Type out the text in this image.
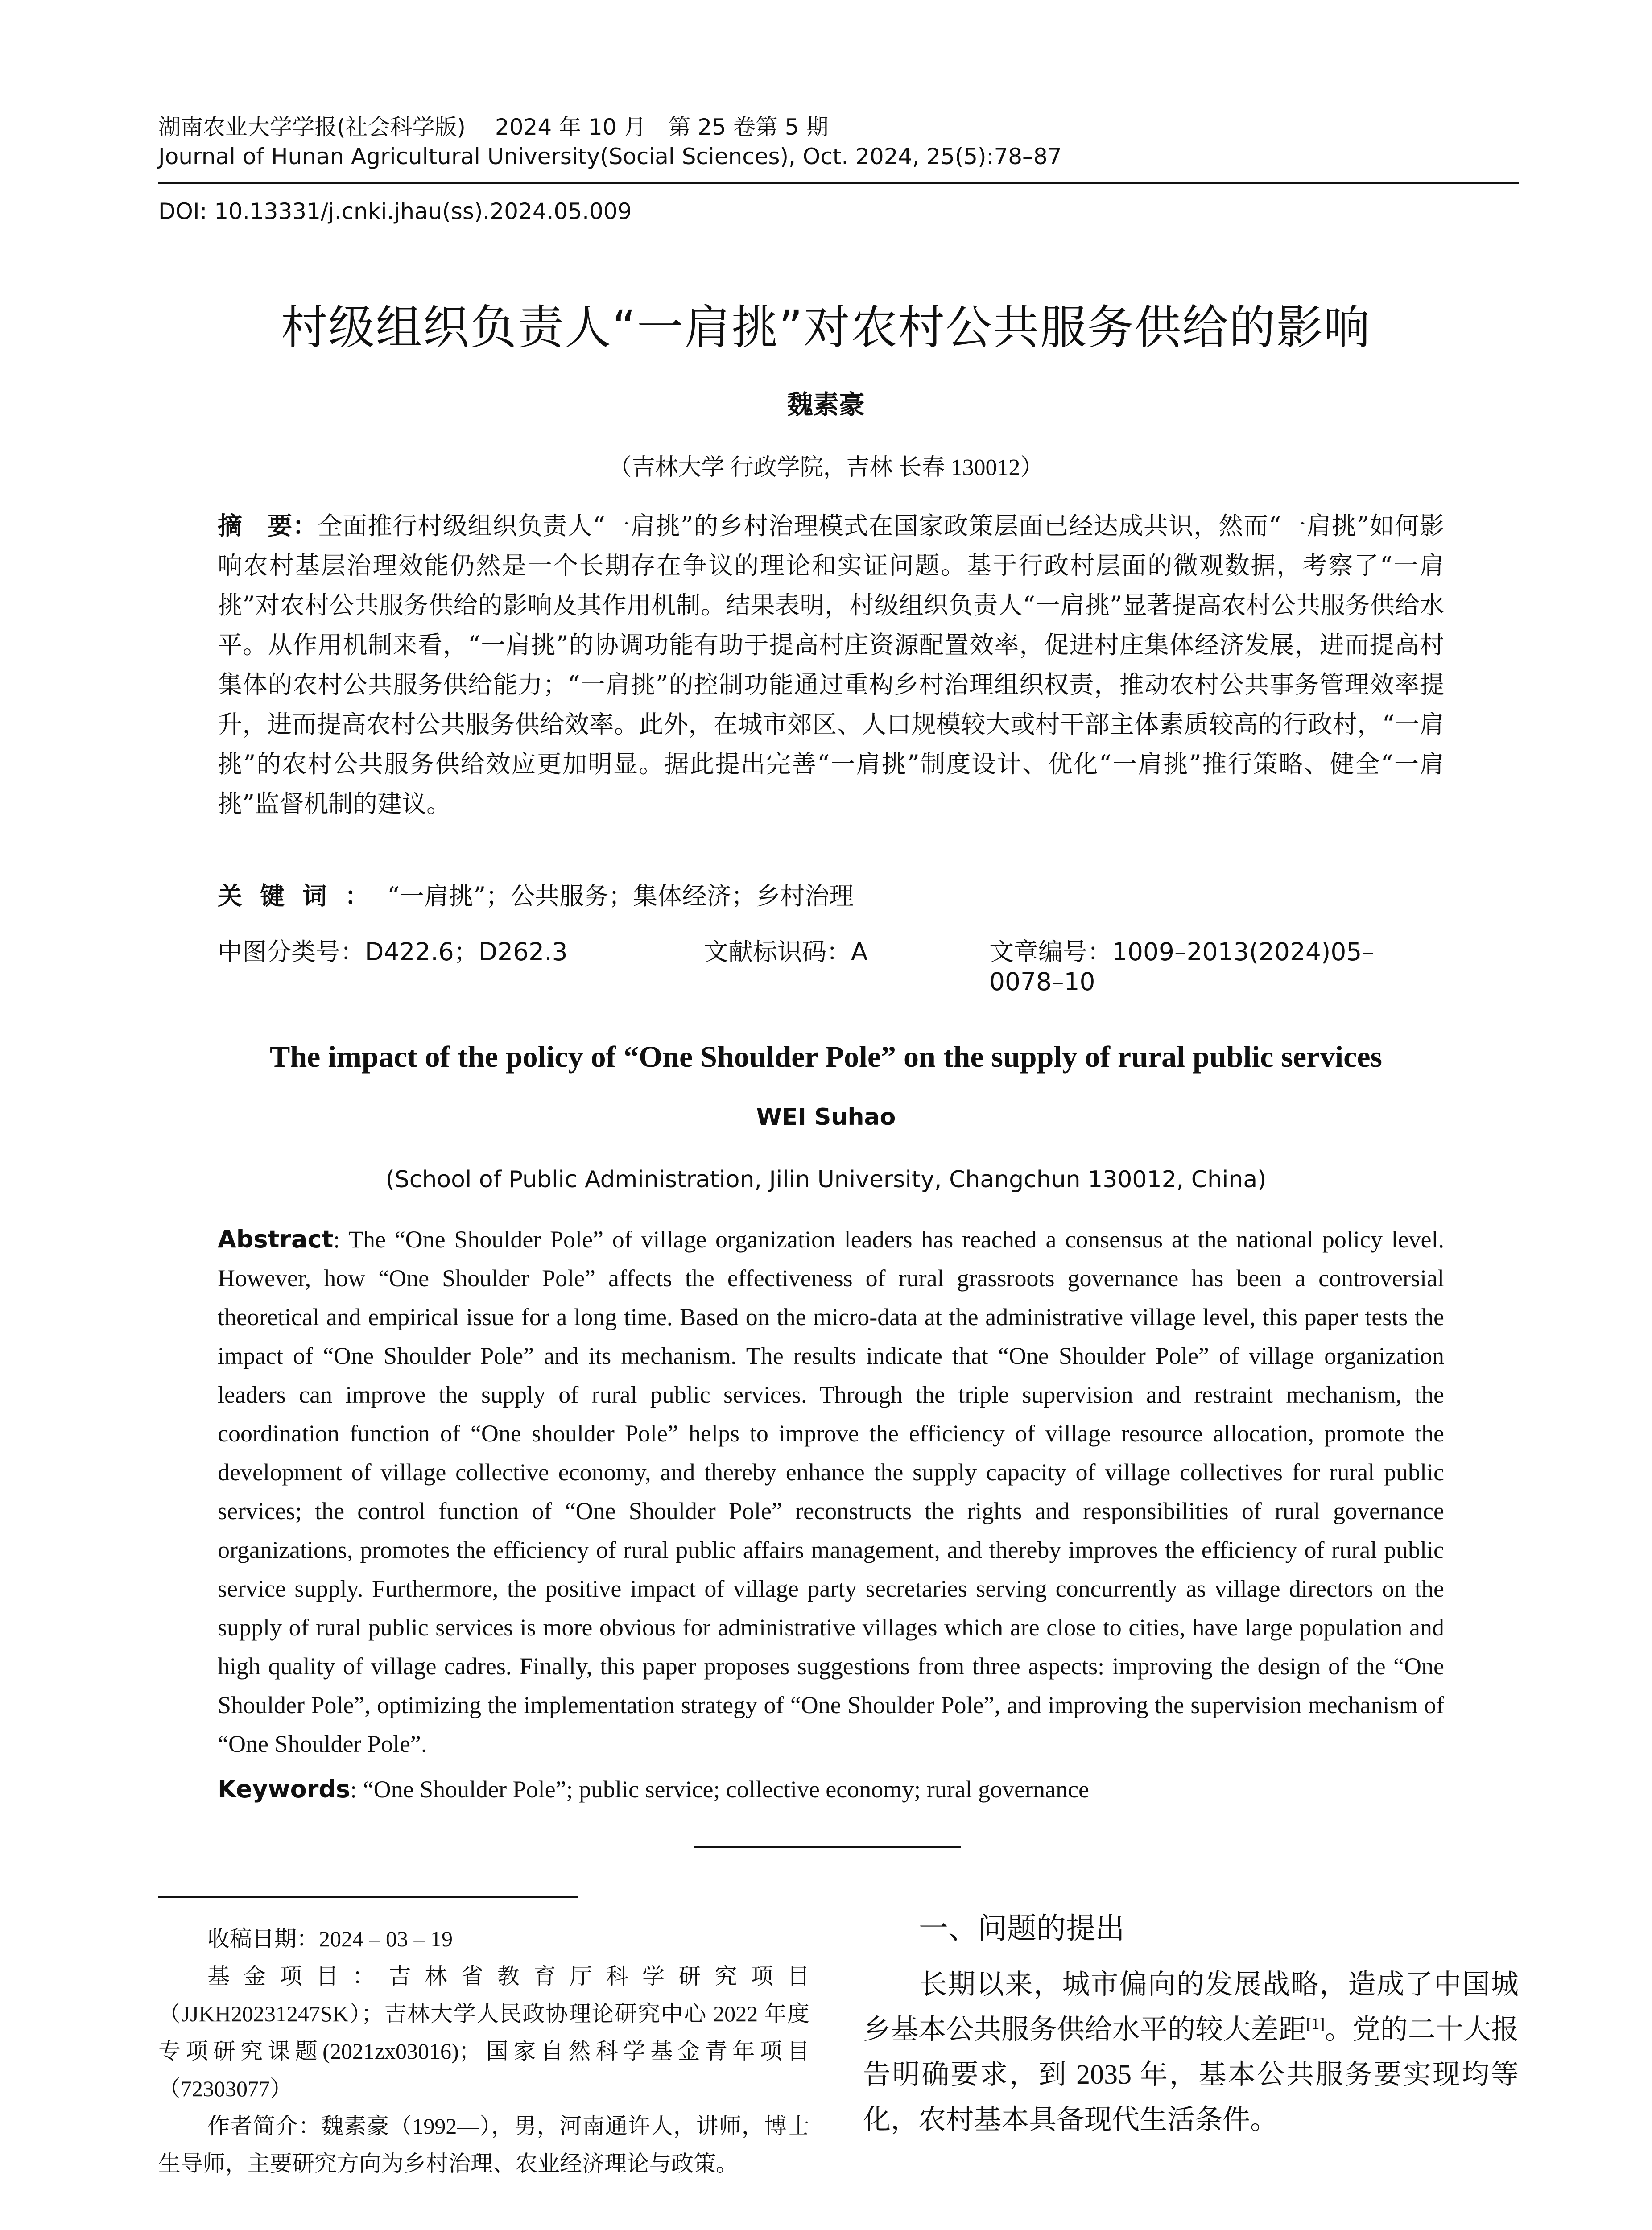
湖南农业大学学报(社会科学版)　 2024 年 10 月　第 25 卷第 5 期
Journal of Hunan Agricultural University(Social Sciences), Oct. 2024, 25(5):78–87
DOI: 10.13331/j.cnki.jhau(ss).2024.05.009
村级组织负责人“一肩挑”对农村公共服务供给的影响
魏素豪
（吉林大学 行政学院，吉林 长春 130012）
摘　要：全面推行村级组织负责人“一肩挑”的乡村治理模式在国家政策层面已经达成共识，然而“一肩挑”如何影响农村基层治理效能仍然是一个长期存在争议的理论和实证问题。基于行政村层面的微观数据，考察了“一肩挑”对农村公共服务供给的影响及其作用机制。结果表明，村级组织负责人“一肩挑”显著提高农村公共服务供给水平。从作用机制来看，“一肩挑”的协调功能有助于提高村庄资源配置效率，促进村庄集体经济发展，进而提高村集体的农村公共服务供给能力；“一肩挑”的控制功能通过重构乡村治理组织权责，推动农村公共事务管理效率提升，进而提高农村公共服务供给效率。此外，在城市郊区、人口规模较大或村干部主体素质较高的行政村，“一肩挑”的农村公共服务供给效应更加明显。据此提出完善“一肩挑”制度设计、优化“一肩挑”推行策略、健全“一肩挑”监督机制的建议。
关键词：“一肩挑”；公共服务；集体经济；乡村治理
中图分类号：D422.6；D262.3	文献标识码：A	文章编号：1009–2013(2024)05–0078–10
The impact of the policy of “One Shoulder Pole” on the supply of rural public services
WEI Suhao
(School of Public Administration, Jilin University, Changchun 130012, China)
Abstract: The “One Shoulder Pole” of village organization leaders has reached a consensus at the national policy level. However, how “One Shoulder Pole” affects the effectiveness of rural grassroots governance has been a controversial theoretical and empirical issue for a long time. Based on the micro-data at the administrative village level, this paper tests the impact of “One Shoulder Pole” and its mechanism. The results indicate that “One Shoulder Pole” of village organization leaders can improve the supply of rural public services. Through the triple supervision and restraint mechanism, the coordination function of “One shoulder Pole” helps to improve the efficiency of village resource allocation, promote the development of village collective economy, and thereby enhance the supply capacity of village collectives for rural public services; the control function of “One Shoulder Pole” reconstructs the rights and responsibilities of rural governance organizations, promotes the efficiency of rural public affairs management, and thereby improves the efficiency of rural public service supply. Furthermore, the positive impact of village party secretaries serving concurrently as village directors on the supply of rural public services is more obvious for administrative villages which are close to cities, have large population and high quality of village cadres. Finally, this paper proposes suggestions from three aspects: improving the design of the “One Shoulder Pole”, optimizing the implementation strategy of “One Shoulder Pole”, and improving the supervision mechanism of “One Shoulder Pole”.
Keywords: “One Shoulder Pole”; public service; collective economy; rural governance
收稿日期：2024 – 03 – 19
基金项目：吉林省教育厅科学研究项目（JJKH20231247SK）；吉林大学人民政协理论研究中心 2022 年度专项研究课题(2021zx03016)；国家自然科学基金青年项目（72303077）
作者简介：魏素豪（1992—），男，河南通许人，讲师，博士生导师，主要研究方向为乡村治理、农业经济理论与政策。
一、问题的提出
长期以来，城市偏向的发展战略，造成了中国城乡基本公共服务供给水平的较大差距[1]。党的二十大报告明确要求，到 2035 年，基本公共服务要实现均等化，农村基本具备现代生活条件。
